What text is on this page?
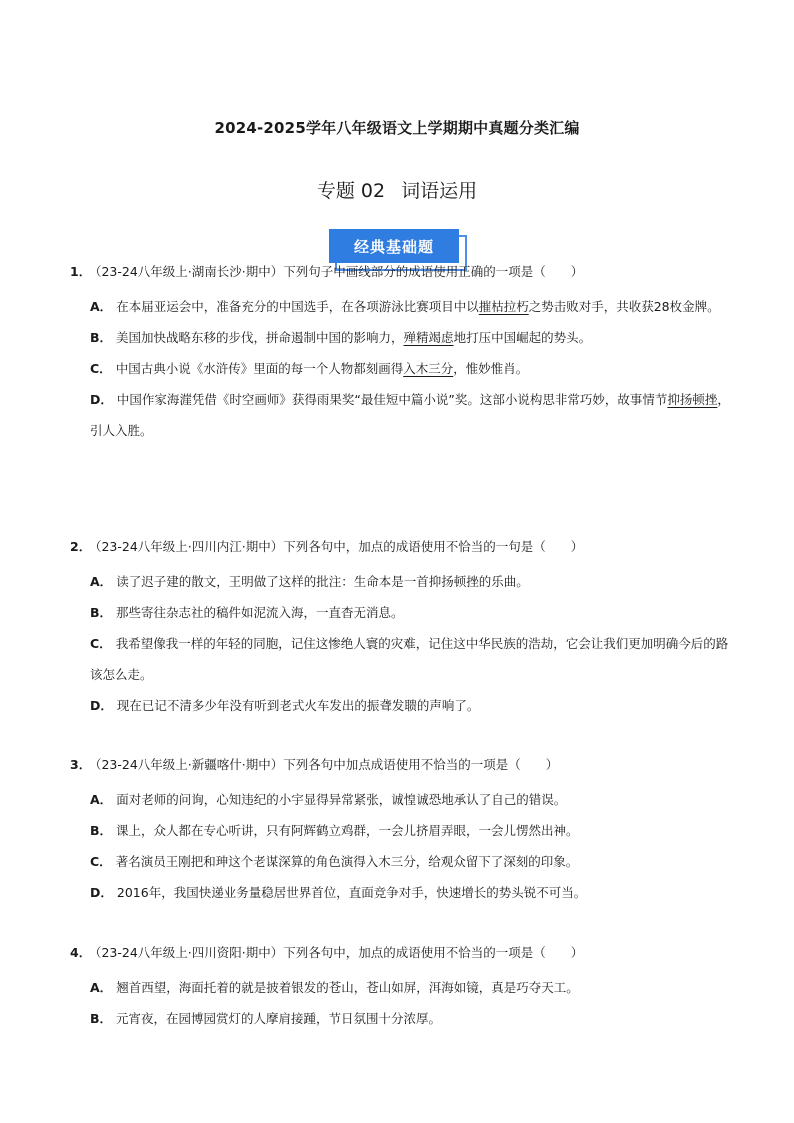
2024-2025学年八年级语文上学期期中真题分类汇编
专题 02 词语运用
经典基础题

1． （23-24八年级上·湖南长沙·期中）下列句子中画线部分的成语使用正确的一项是（　　）

A． 在本届亚运会中，准备充分的中国选手，在各项游泳比赛项目中以摧枯拉朽之势击败对手，共收获28枚金牌。

B． 美国加快战略东移的步伐，拼命遏制中国的影响力，殚精竭虑地打压中国崛起的势头。

C． 中国古典小说《水浒传》里面的每一个人物都刻画得入木三分，惟妙惟肖。

D． 中国作家海漄凭借《时空画师》获得雨果奖“最佳短中篇小说”奖。这部小说构思非常巧妙，故事情节抑扬顿挫，引人入胜。

2． （23-24八年级上·四川内江·期中）下列各句中，加点的成语使用不恰当的一句是（　　）

A． 读了迟子建的散文，王明做了这样的批注：生命本是一首抑扬顿挫的乐曲。

B． 那些寄往杂志社的稿件如泥流入海，一直杳无消息。

C． 我希望像我一样的年轻的同胞，记住这惨绝人寰的灾难，记住这中华民族的浩劫，它会让我们更加明确今后的路该怎么走。

D． 现在已记不清多少年没有听到老式火车发出的振聋发聩的声响了。

3． （23-24八年级上·新疆喀什·期中）下列各句中加点成语使用不恰当的一项是（　　）

A． 面对老师的问询，心知违纪的小宇显得异常紧张，诚惶诚恐地承认了自己的错误。

B． 课上，众人都在专心听讲，只有阿辉鹤立鸡群，一会儿挤眉弄眼，一会儿愣然出神。

C． 著名演员王刚把和珅这个老谋深算的角色演得入木三分，给观众留下了深刻的印象。

D． 2016年，我国快递业务量稳居世界首位，直面竞争对手，快速增长的势头锐不可当。

4． （23-24八年级上·四川资阳·期中）下列各句中，加点的成语使用不恰当的一项是（　　）

A． 翘首西望，海面托着的就是披着银发的苍山，苍山如屏，洱海如镜，真是巧夺天工。

B． 元宵夜，在园博园赏灯的人摩肩接踵，节日氛围十分浓厚。
